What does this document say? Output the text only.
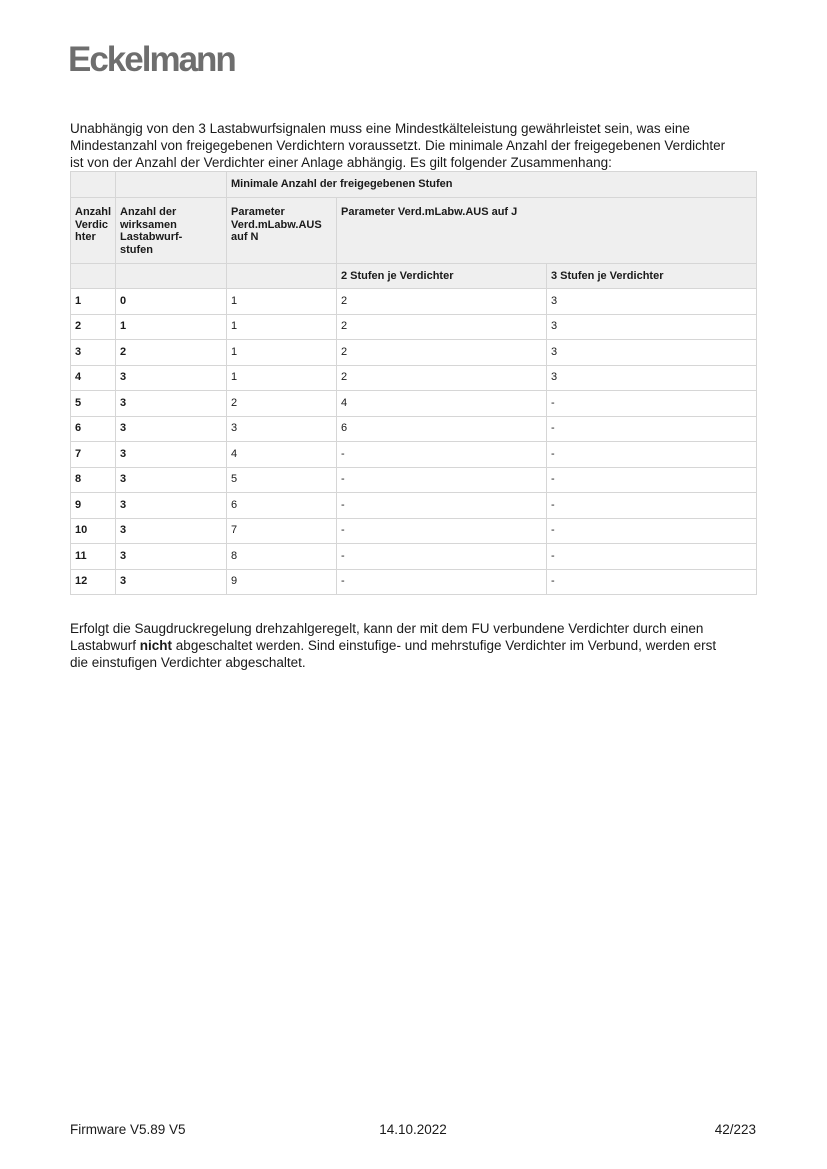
Eckelmann
Unabhängig von den 3 Lastabwurfsignalen muss eine Mindestkälteleistung gewährleistet sein, was eine
Mindestanzahl von freigegebenen Verdichtern voraussetzt. Die minimale Anzahl der freigegebenen Verdichter
ist von der Anzahl der Verdichter einer Anlage abhängig. Es gilt folgender Zusammenhang:
		Minimale Anzahl der freigegebenen Stufen		
Anzahl Verdichter	Anzahl der wirksamen Lastabwurf-stufen	Parameter Verd.mLabw.AUS auf N	Parameter Verd.mLabw.AUS auf J	
			2 Stufen je Verdichter	3 Stufen je Verdichter
1	0	1	2	3
2	1	1	2	3
3	2	1	2	3
4	3	1	2	3
5	3	2	4	-
6	3	3	6	-
7	3	4	-	-
8	3	5	-	-
9	3	6	-	-
10	3	7	-	-
11	3	8	-	-
12	3	9	-	-
Erfolgt die Saugdruckregelung drehzahlgeregelt, kann der mit dem FU verbundene Verdichter durch einen
Lastabwurf nicht abgeschaltet werden. Sind einstufige- und mehrstufige Verdichter im Verbund, werden erst
die einstufigen Verdichter abgeschaltet.
Firmware V5.89 V5	14.10.2022	42/223
